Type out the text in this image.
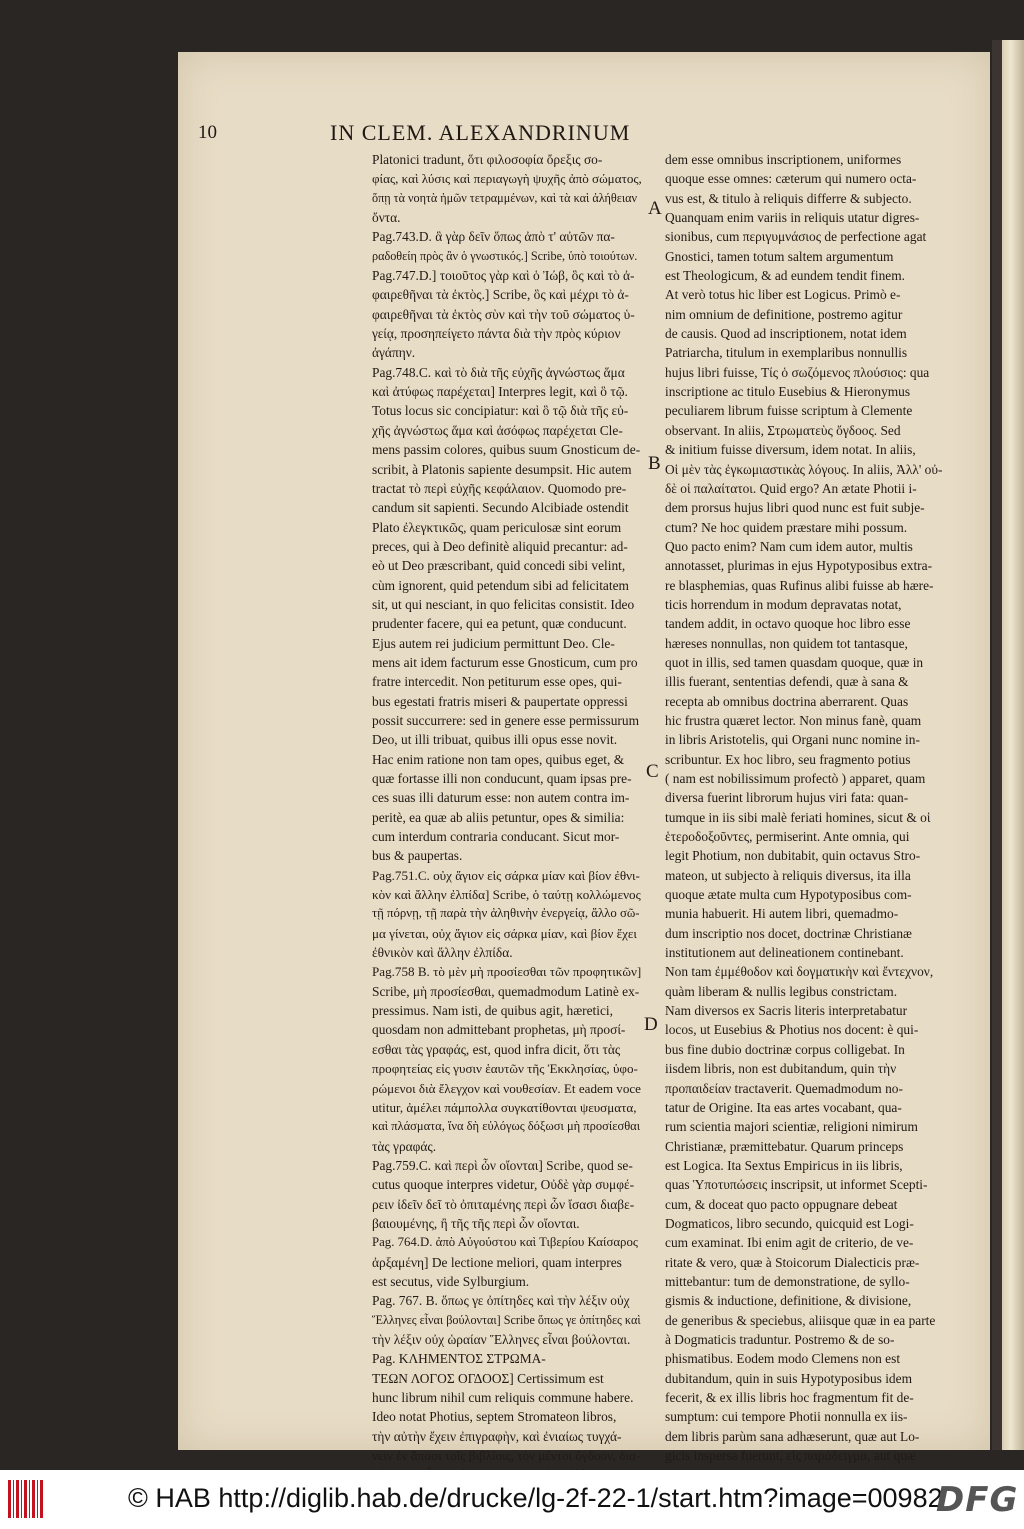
10	IN CLEM. ALEXANDRINUM
Platonici tradunt, ὅτι φιλοσοφία ὄρεξις σο-
φίας, καὶ λύσις καὶ περιαγωγὴ ψυχῆς ἀπὸ σώματος,
ὅπῃ τὰ νοητὰ ἡμῶν τετραμμένων, καὶ τὰ καὶ ἀλήθειαν
ὄντα.
Pag.743.D. ἃ γὰρ δεῖν ὅπως ἀπὸ τ' αὐτῶν πα-
ραδοθείη πρὸς ἂν ὁ γνωστικός.] Scribe, ὑπὸ τοιούτων.
Pag.747.D.] τοιοῦτος γὰρ καὶ ὁ Ἰώβ, ὃς καὶ τὸ ἀ-
φαιρεθῆναι τὰ ἐκτὸς.] Scribe, ὃς καὶ μέχρι τὸ ἀ-
φαιρεθῆναι τὰ ἐκτὸς σὺν καὶ τὴν τοῦ σώματος ὑ-
γείᾳ, προσηπείγετο πάντα διὰ τὴν πρὸς κύριον
ἀγάπην.
Pag.748.C. καὶ τὸ διὰ τῆς εὐχῆς ἀγνώστως ἅμα
καὶ ἀτύφως παρέχεται] Interpres legit, καὶ ὃ τῷ.
Totus locus sic concipiatur: καὶ ὃ τῷ διὰ τῆς εὐ-
χῆς ἀγνώστως ἅμα καὶ ἀσόφως παρέχεται Cle-
mens passim colores, quibus suum Gnosticum de-
scribit, à Platonis sapiente desumpsit. Hic autem
tractat τὸ περὶ εὐχῆς κεφάλαιον. Quomodo pre-
candum sit sapienti. Secundo Alcibiade ostendit
Plato ἐλεγκτικῶς, quam periculosæ sint eorum
preces, qui à Deo definitè aliquid precantur: ad-
eò ut Deo præscribant, quid concedi sibi velint,
cùm ignorent, quid petendum sibi ad felicitatem
sit, ut qui nesciant, in quo felicitas consistit. Ideo
prudenter facere, qui ea petunt, quæ conducunt.
Ejus autem rei judicium permittunt Deo. Cle-
mens ait idem facturum esse Gnosticum, cum pro
fratre intercedit. Non petiturum esse opes, qui-
bus egestati fratris miseri & paupertate oppressi
possit succurrere: sed in genere esse permissurum
Deo, ut illi tribuat, quibus illi opus esse novit.
Hac enim ratione non tam opes, quibus eget, &
quæ fortasse illi non conducunt, quam ipsas pre-
ces suas illi daturum esse: non autem contra im-
peritè, ea quæ ab aliis petuntur, opes & similia:
cum interdum contraria conducant. Sicut mor-
bus & paupertas.
Pag.751.C. οὐχ ἅγιον εἰς σάρκα μίαν καὶ βίον ἐθνι-
κὸν καὶ ἄλλην ἐλπίδα] Scribe, ὁ ταύτῃ κολλώμενος
τῇ πόρνῃ, τῇ παρὰ τὴν ἀληθινὴν ἐνεργείᾳ, ἄλλο σῶ-
μα γίνεται, οὐχ ἅγιον εἰς σάρκα μίαν, καὶ βίον ἔχει
ἐθνικὸν καὶ ἄλλην ἐλπίδα.
Pag.758 B. τὸ μὲν μὴ προσίεσθαι τῶν προφητικῶν]
Scribe, μὴ προσίεσθαι, quemadmodum Latinè ex-
pressimus. Nam isti, de quibus agit, hæretici,
quosdam non admittebant prophetas, μὴ προσί-
εσθαι τὰς γραφάς, est, quod infra dicit, ὅτι τὰς
προφητείας εἰς γυσιν ἑαυτῶν τῆς Ἐκκλησίας, ὑφο-
ρώμενοι διὰ ἔλεγχον καὶ νουθεσίαν. Et eadem voce
utitur, ἀμέλει πάμπολλα συγκατίθονται ψευσματα,
καὶ πλάσματα, ἵνα δὴ εὐλόγως δόξωσι μὴ προσίεσθαι
τὰς γραφάς.
Pag.759.C. καὶ περὶ ὧν οἴονται] Scribe, quod se-
cutus quoque interpres videtur, Οὐδὲ γὰρ συμφέ-
ρειν ἰδεῖν δεῖ τὸ ὀπιταμένης περὶ ὧν ἴσασι διαβε-
βαιουμένης, ἢ τῆς τῆς περὶ ὧν οἴονται.
Pag. 764.D. ἀπὸ Αὐγούστου καὶ Τιβερίου Καίσαρος
ἀρξαμένη] De lectione meliori, quam interpres
est secutus, vide Sylburgium.
Pag. 767. B. ὅπως γε ὀπίτηδες καὶ τὴν λέξιν οὐχ
Ἕλληνες εἶναι βούλονται] Scribe ὅπως γε ὀπίτηδες καὶ
τὴν λέξιν οὐχ ὡραίαν Ἕλληνες εἶναι βούλονται.
Pag. ΚΛΗΜΕΝΤΟΣ ΣΤΡΩΜΑ-
ΤΕΩΝ ΛΟΓΟΣ ΟΓΔΟΟΣ] Certissimum est
hunc librum nihil cum reliquis commune habere.
Ideo notat Photius, septem Stromateon libros,
τὴν αὐτὴν ἔχειν ἐπιγραφὴν, καὶ ἐνιαίως τυγχά-
νειν ἐν ἅπασι τοῖς βιβλίοις, τὸν μέντοι ὄγδοον, δια-
A
B
C
D
dem esse omnibus inscriptionem, uniformes
quoque esse omnes: cæterum qui numero octa-
vus est, & titulo à reliquis differre & subjecto.
Quanquam enim variis in reliquis utatur digres-
sionibus, cum περιγυμνάσιος de perfectione agat
Gnostici, tamen totum saltem argumentum
est Theologicum, & ad eundem tendit finem.
At verò totus hic liber est Logicus. Primò e-
nim omnium de definitione, postremo agitur
de causis. Quod ad inscriptionem, notat idem
Patriarcha, titulum in exemplaribus nonnullis
hujus libri fuisse, Τίς ὁ σωζόμενος πλούσιος: qua
inscriptione ac titulo Eusebius & Hieronymus
peculiarem librum fuisse scriptum à Clemente
observant. In aliis, Στρωματεὺς ὄγδοος. Sed
& initium fuisse diversum, idem notat. In aliis,
Οἱ μὲν τὰς ἐγκωμιαστικὰς λόγους. In aliis, Ἀλλ' οὐ-
δὲ οἱ παλαίτατοι. Quid ergo? An ætate Photii i-
dem prorsus hujus libri quod nunc est fuit subje-
ctum? Ne hoc quidem præstare mihi possum.
Quo pacto enim? Nam cum idem autor, multis
annotasset, plurimas in ejus Hypotyposibus extra-
re blasphemias, quas Rufinus alibi fuisse ab hære-
ticis horrendum in modum depravatas notat,
tandem addit, in octavo quoque hoc libro esse
hæreses nonnullas, non quidem tot tantasque,
quot in illis, sed tamen quasdam quoque, quæ in
illis fuerant, sententias defendi, quæ à sana &
recepta ab omnibus doctrina aberrarent. Quas
hic frustra quæret lector. Non minus fanè, quam
in libris Aristotelis, qui Organi nunc nomine in-
scribuntur. Ex hoc libro, seu fragmento potius
( nam est nobilissimum profectò ) apparet, quam
diversa fuerint librorum hujus viri fata: quan-
tumque in iis sibi malè feriati homines, sicut & οἱ
ἑτεροδοξοῦντες, permiserint. Ante omnia, qui
legit Photium, non dubitabit, quin octavus Stro-
mateon, ut subjecto à reliquis diversus, ita illa
quoque ætate multa cum Hypotyposibus com-
munia habuerit. Hi autem libri, quemadmo-
dum inscriptio nos docet, doctrinæ Christianæ
institutionem aut delineationem continebant.
Non tam ἐμμέθοδον καὶ δογματικὴν καὶ ἔντεχνον,
quàm liberam & nullis legibus constrictam.
Nam diversos ex Sacris literis interpretabatur
locos, ut Eusebius & Photius nos docent: è qui-
bus fine dubio doctrinæ corpus colligebat. In
iisdem libris, non est dubitandum, quin τὴν
προπαιδείαν tractaverit. Quemadmodum no-
tatur de Origine. Ita eas artes vocabant, qua-
rum scientia majori scientiæ, religioni nimirum
Christianæ, præmittebatur. Quarum princeps
est Logica. Ita Sextus Empiricus in iis libris,
quas Ὑποτυπώσεις inscripsit, ut informet Scepti-
cum, & doceat quo pacto oppugnare debeat
Dogmaticos, libro secundo, quicquid est Logi-
cum examinat. Ibi enim agit de criterio, de ve-
ritate & vero, quæ à Stoicorum Dialecticis præ-
mittebantur: tum de demonstratione, de syllo-
gismis & inductione, definitione, & divisione,
de generibus & speciebus, aliisque quæ in ea parte
à Dogmaticis traduntur. Postremo & de so-
phismatibus. Eodem modo Clemens non est
dubitandum, quin in suis Hypotyposibus idem
fecerit, & ex illis libris hoc fragmentum fit de-
sumptum: cui tempore Photii nonnulla ex iis-
dem libris parùm sana adhæserunt, quæ aut Lo-
gicis inspersa fuerunt, εἰς παράδειγμα, aut quæ
© HAB http://diglib.hab.de/drucke/lg-2f-22-1/start.htm?image=00982
DFG
